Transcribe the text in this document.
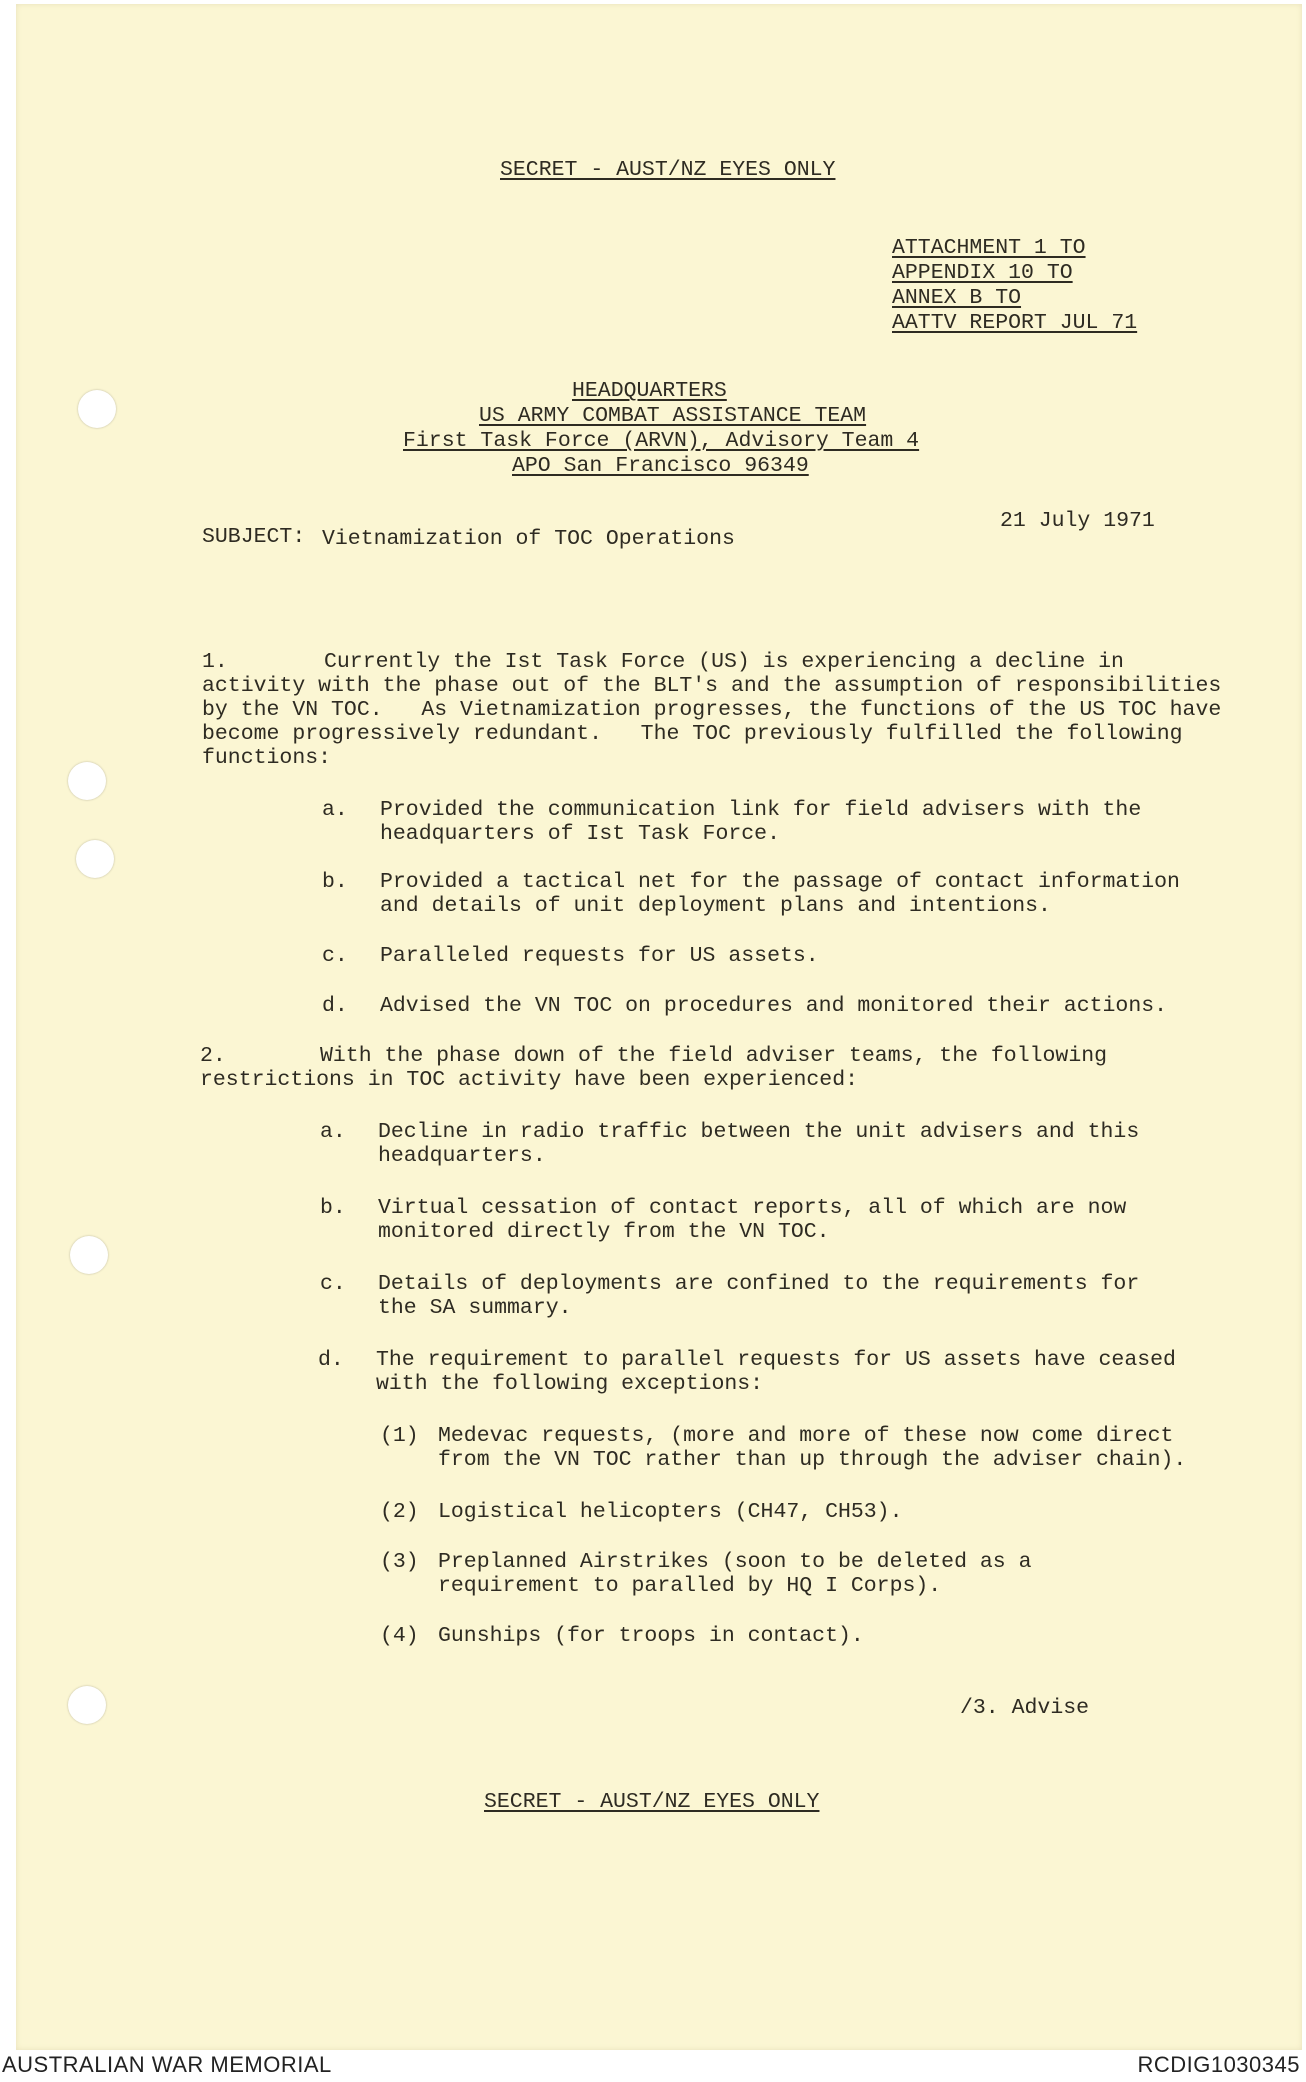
SECRET - AUST/NZ EYES ONLY
ATTACHMENT 1 TO
APPENDIX 10 TO
ANNEX B TO
AATTV REPORT JUL 71
HEADQUARTERS
US ARMY COMBAT ASSISTANCE TEAM
First Task Force (ARVN), Advisory Team 4
APO San Francisco 96349
21 July 1971
SUBJECT: Vietnamization of TOC Operations
1.	Currently the Ist Task Force (US) is experiencing a decline in
activity with the phase out of the BLT's and the assumption of responsibilities
by the VN TOC.   As Vietnamization progresses, the functions of the US TOC have
become progressively redundant.   The TOC previously fulfilled the following
functions:
a. Provided the communication link for field advisers with the
headquarters of Ist Task Force.
b. Provided a tactical net for the passage of contact information
and details of unit deployment plans and intentions.
c. Paralleled requests for US assets.
d. Advised the VN TOC on procedures and monitored their actions.
2.	With the phase down of the field adviser teams, the following
restrictions in TOC activity have been experienced:
a. Decline in radio traffic between the unit advisers and this
headquarters.
b. Virtual cessation of contact reports, all of which are now
monitored directly from the VN TOC.
c. Details of deployments are confined to the requirements for
the SA summary.
d. The requirement to parallel requests for US assets have ceased
with the following exceptions:
(1) Medevac requests, (more and more of these now come direct
from the VN TOC rather than up through the adviser chain).
(2) Logistical helicopters (CH47, CH53).
(3) Preplanned Airstrikes (soon to be deleted as a
requirement to paralled by HQ I Corps).
(4) Gunships (for troops in contact).
/3. Advise
SECRET - AUST/NZ EYES ONLY
AUSTRALIAN WAR MEMORIAL	RCDIG1030345
